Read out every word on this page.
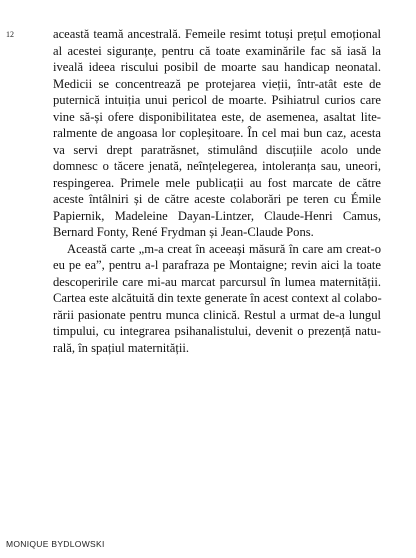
12	această teamă ancestrală. Femeile resimt totuși prețul emoțional
al acestei siguranțe, pentru că toate examinările fac să iasă la
iveală ideea riscului posibil de moarte sau handicap neonatal.
Medicii se concentrează pe protejarea vieții, într-atât este de
puternică intuiția unui pericol de moarte. Psihiatrul curios care
vine să-și ofere disponibilitatea este, de asemenea, asaltat lite-
ralmente de angoasa lor copleșitoare. În cel mai bun caz, acesta
va servi drept paratrăsnet, stimulând discuțiile acolo unde
domnesc o tăcere jenată, neînțelegerea, intoleranța sau, uneori,
respingerea. Primele mele publicații au fost marcate de către
aceste întâlniri și de către aceste colaborări pe teren cu Émile
Papiernik, Madeleine Dayan-Lintzer, Claude-Henri Camus,
Bernard Fonty, René Frydman și Jean-Claude Pons.

Această carte „m-a creat în aceeași măsură în care am creat-o
eu pe ea”, pentru a-l parafraza pe Montaigne; revin aici la toate
descoperirile care mi-au marcat parcursul în lumea maternității.
Cartea este alcătuită din texte generate în acest context al colabo-
rării pasionate pentru munca clinică. Restul a urmat de-a lungul
timpului, cu integrarea psihanalistului, devenit o prezență natu-
rală, în spațiul maternității.

MONIQUE BYDLOWSKI
